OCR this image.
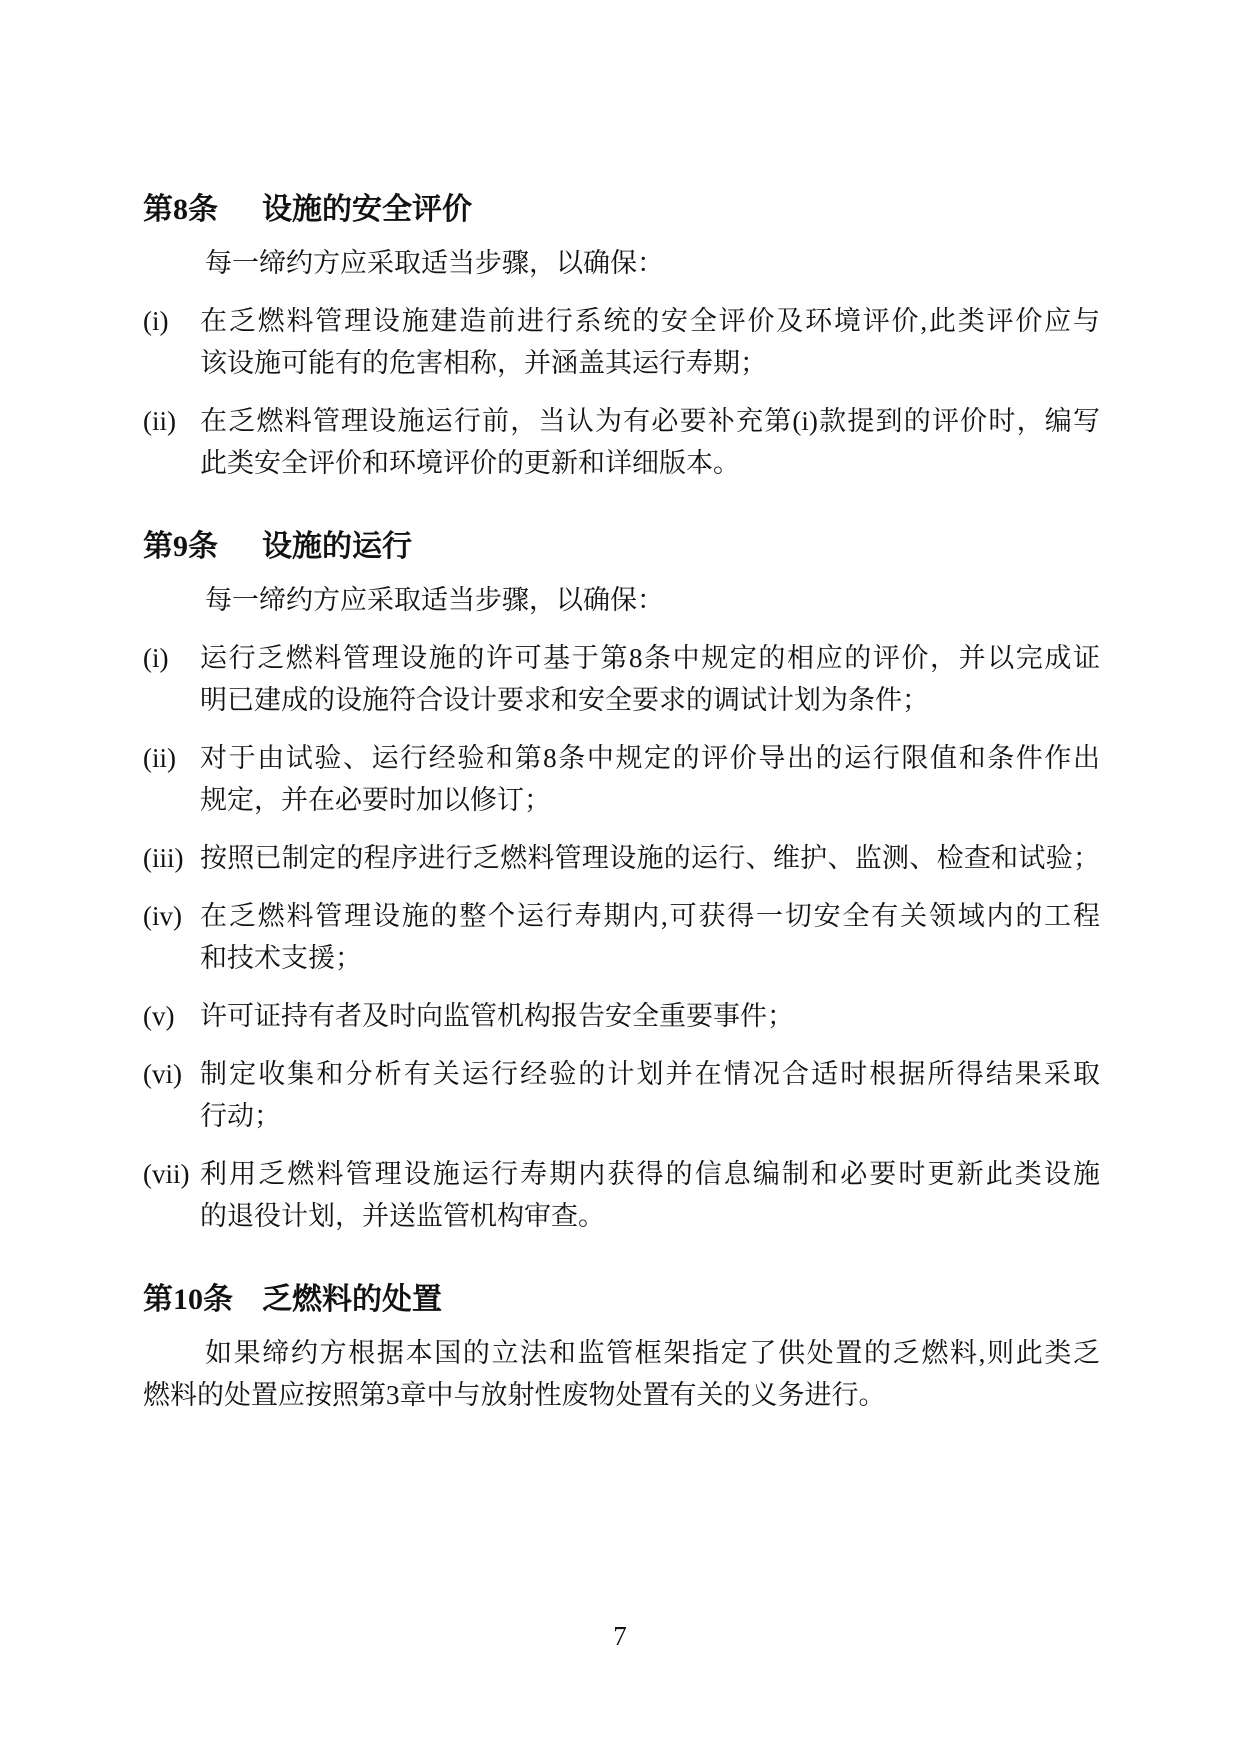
第8条	设施的安全评价

每一缔约方应采取适当步骤，以确保：

(i)	在乏燃料管理设施建造前进行系统的安全评价及环境评价,此类评价应与
该设施可能有的危害相称，并涵盖其运行寿期；
(ii) 在乏燃料管理设施运行前，当认为有必要补充第(i)款提到的评价时，编写
此类安全评价和环境评价的更新和详细版本。
第9条	设施的运行

每一缔约方应采取适当步骤，以确保：

(i)	运行乏燃料管理设施的许可基于第8条中规定的相应的评价，并以完成证
明已建成的设施符合设计要求和安全要求的调试计划为条件；
(ii) 对于由试验、运行经验和第8条中规定的评价导出的运行限值和条件作出
规定，并在必要时加以修订；
(iii) 按照已制定的程序进行乏燃料管理设施的运行、维护、监测、检查和试验；
(iv) 在乏燃料管理设施的整个运行寿期内,可获得一切安全有关领域内的工程
和技术支援；
(v) 许可证持有者及时向监管机构报告安全重要事件；
(vi) 制定收集和分析有关运行经验的计划并在情况合适时根据所得结果采取
行动；
(vii) 利用乏燃料管理设施运行寿期内获得的信息编制和必要时更新此类设施
的退役计划，并送监管机构审查。
第10条 乏燃料的处置
如果缔约方根据本国的立法和监管框架指定了供处置的乏燃料,则此类乏
燃料的处置应按照第3章中与放射性废物处置有关的义务进行。
7
